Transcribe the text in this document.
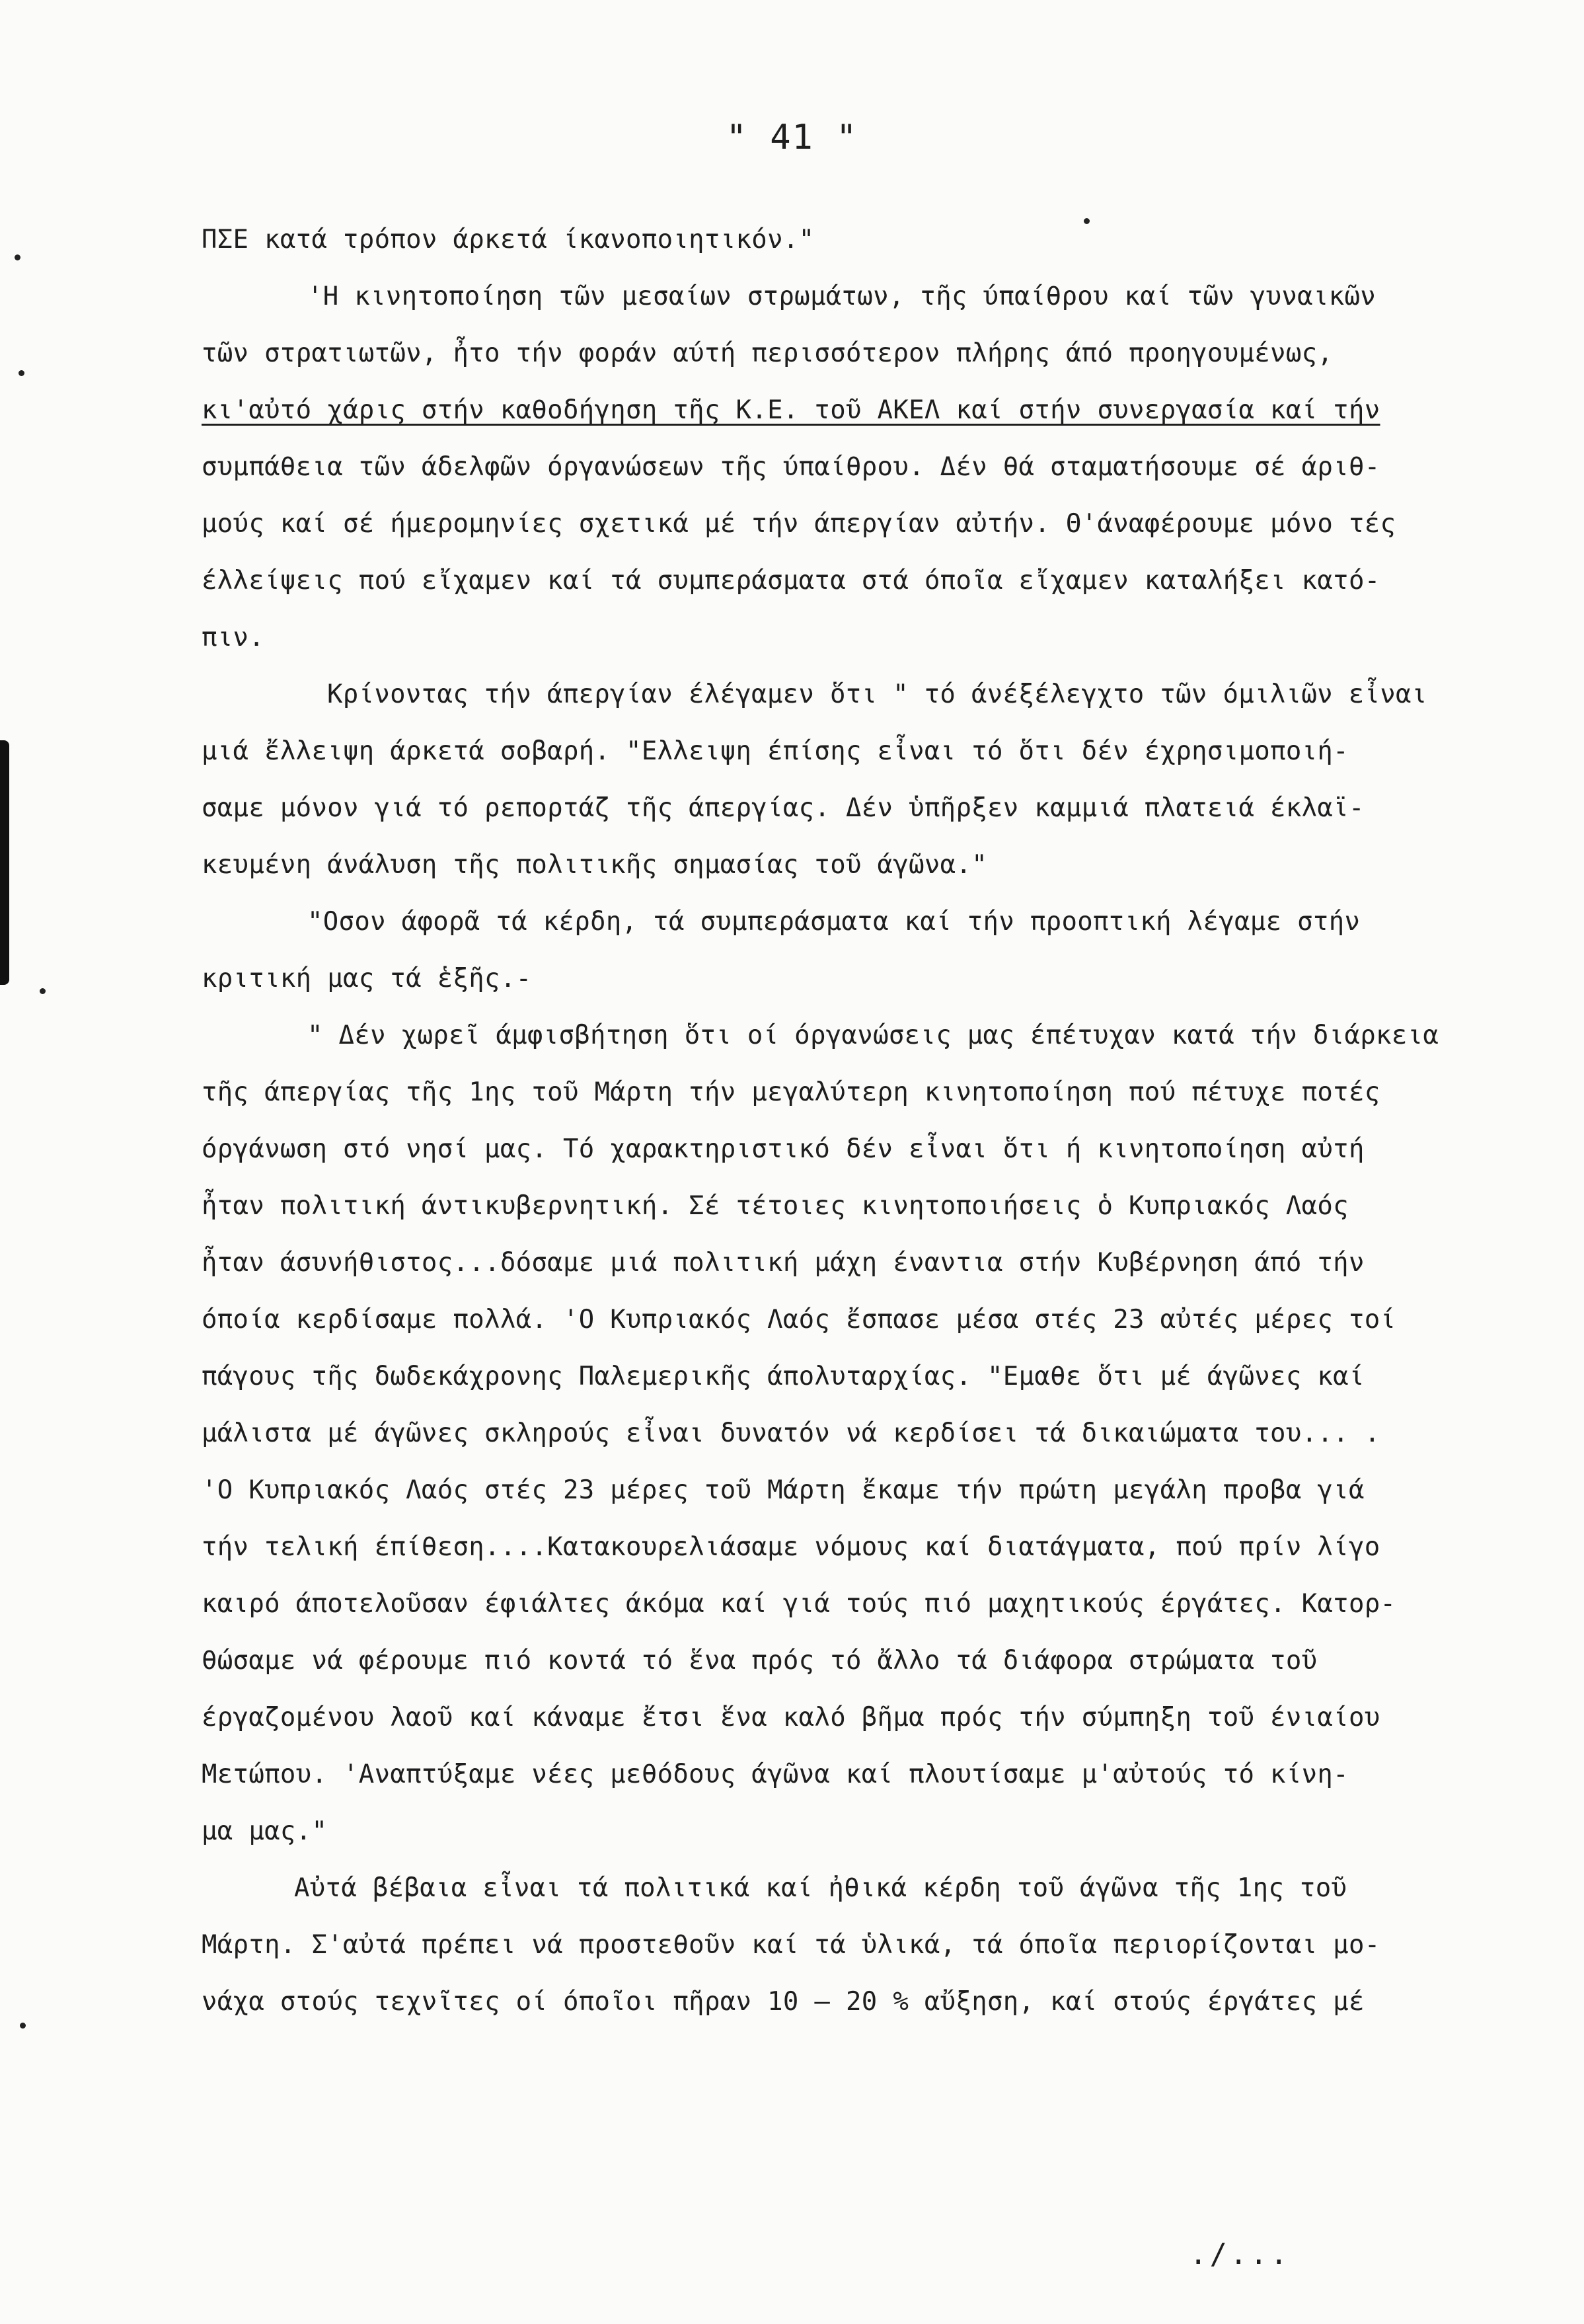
" 41 "
ΠΣΕ κατά τρόπον άρκετά ίκανοποιητικόν."
'Η κινητοποίηση τῶν μεσαίων στρωμάτων, τῆς ύπαίθρου καί τῶν γυναικῶν
τῶν στρατιωτῶν, ἦτο τήν φοράν αύτή περισσότερον πλήρης άπό προηγουμένως,
κι'αὐτό χάρις στήν καθοδήγηση τῆς Κ.Ε. τοῦ ΑΚΕΛ καί στήν συνεργασία καί τήν
συμπάθεια τῶν άδελφῶν όργανώσεων τῆς ύπαίθρου. Δέν θά σταματήσουμε σέ άριθ-
μούς καί σέ ήμερομηνίες σχετικά μέ τήν άπεργίαν αὐτήν. Θ'άναφέρουμε μόνο τές
έλλείψεις πού εἴχαμεν καί τά συμπεράσματα στά όποῖα εἴχαμεν καταλήξει κατό-
πιν.
Κρίνοντας τήν άπεργίαν έλέγαμεν ὅτι " τό άνέξέλεγχτο τῶν όμιλιῶν εἶναι
μιά ἔλλειψη άρκετά σοβαρή. "Ελλειψη έπίσης εἶναι τό ὅτι δέν έχρησιμοποιή-
σαμε μόνον γιά τό ρεπορτάζ τῆς άπεργίας. Δέν ὑπῆρξεν καμμιά πλατειά έκλαϊ-
κευμένη άνάλυση τῆς πολιτικῆς σημασίας τοῦ άγῶνα."
"Οσον άφορᾶ τά κέρδη, τά συμπεράσματα καί τήν προοπτική λέγαμε στήν
κριτική μας τά ἑξῆς.-
" Δέν χωρεῖ άμφισβήτηση ὅτι οί όργανώσεις μας έπέτυχαν κατά τήν διάρκεια
τῆς άπεργίας τῆς 1ης τοῦ Μάρτη τήν μεγαλύτερη κινητοποίηση πού πέτυχε ποτές
όργάνωση στό νησί μας. Τό χαρακτηριστικό δέν εἶναι ὅτι ή κινητοποίηση αὐτή
ἦταν πολιτική άντικυβερνητική. Σέ τέτοιες κινητοποιήσεις ὁ Κυπριακός Λαός
ἦταν άσυνήθιστος...δόσαμε μιά πολιτική μάχη έναντια στήν Κυβέρνηση άπό τήν
όποία κερδίσαμε πολλά. 'Ο Κυπριακός Λαός ἔσπασε μέσα στές 23 αὐτές μέρες τοί
πάγους τῆς δωδεκάχρονης Παλεμερικῆς άπολυταρχίας. "Εμαθε ὅτι μέ άγῶνες καί
μάλιστα μέ άγῶνες σκληρούς εἶναι δυνατόν νά κερδίσει τά δικαιώματα του... .
'Ο Κυπριακός Λαός στές 23 μέρες τοῦ Μάρτη ἔκαμε τήν πρώτη μεγάλη προβα γιά
τήν τελική έπίθεση....Κατακουρελιάσαμε νόμους καί διατάγματα, πού πρίν λίγο
καιρό άποτελοῦσαν έφιάλτες άκόμα καί γιά τούς πιό μαχητικούς έργάτες. Κατορ-
θώσαμε νά φέρουμε πιό κοντά τό ἕνα πρός τό ἄλλο τά διάφορα στρώματα τοῦ
έργαζομένου λαοῦ καί κάναμε ἔτσι ἕνα καλό βῆμα πρός τήν σύμπηξη τοῦ ένιαίου
Μετώπου. 'Αναπτύξαμε νέες μεθόδους άγῶνα καί πλουτίσαμε μ'αὐτούς τό κίνη-
μα μας."
Αὐτά βέβαια εἶναι τά πολιτικά καί ἠθικά κέρδη τοῦ άγῶνα τῆς 1ης τοῦ
Μάρτη. Σ'αὐτά πρέπει νά προστεθοῦν καί τά ὑλικά, τά όποῖα περιορίζονται μο-
νάχα στούς τεχνῖτες οί όποῖοι πῆραν 10 – 20 % αὔξηση, καί στούς έργάτες μέ
./...
